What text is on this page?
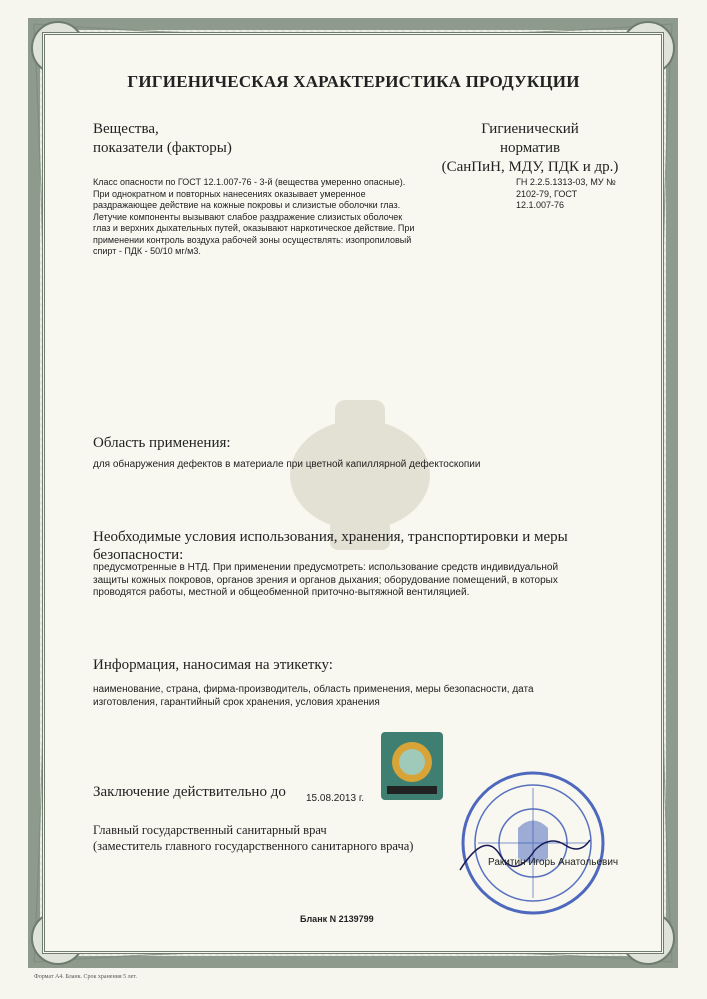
ГИГИЕНИЧЕСКАЯ ХАРАКТЕРИСТИКА ПРОДУКЦИИ
Вещества,
показатели (факторы)
Гигиенический
норматив
(СанПиН, МДУ, ПДК и др.)
Класс опасности по ГОСТ 12.1.007-76 - 3-й (вещества умеренно опасные).
При однократном и повторных нанесениях оказывает умеренное
раздражающее действие на кожные покровы и слизистые оболочки глаз.
Летучие компоненты вызывают слабое раздражение слизистых оболочек
глаз и верхних дыхательных путей, оказывают наркотическое действие. При
применении контроль воздуха рабочей зоны осуществлять: изопропиловый
спирт - ПДК - 50/10 мг/м3.
ГН 2.2.5.1313-03, МУ №
2102-79, ГОСТ
12.1.007-76
Область применения:
для обнаружения дефектов в материале при цветной капиллярной дефектоскопии
Необходимые условия использования, хранения, транспортировки и меры
безопасности:
предусмотренные в НТД. При применении предусмотреть: использование средств индивидуальной
защиты кожных покровов, органов зрения и органов дыхания; оборудование помещений, в которых
проводятся работы, местной и общеобменной приточно-вытяжной вентиляцией.
Информация, наносимая на этикетку:
наименование, страна, фирма-производитель, область применения, меры безопасности, дата
изготовления, гарантийный срок хранения, условия хранения
Заключение действительно до 15.08.2013 г.
Главный государственный санитарный врач
(заместитель главного государственного санитарного врача)
Ракитин Игорь Анатольевич
Бланк N 2139799
Формат А4. Бланк. Срок хранения 5 лет.
